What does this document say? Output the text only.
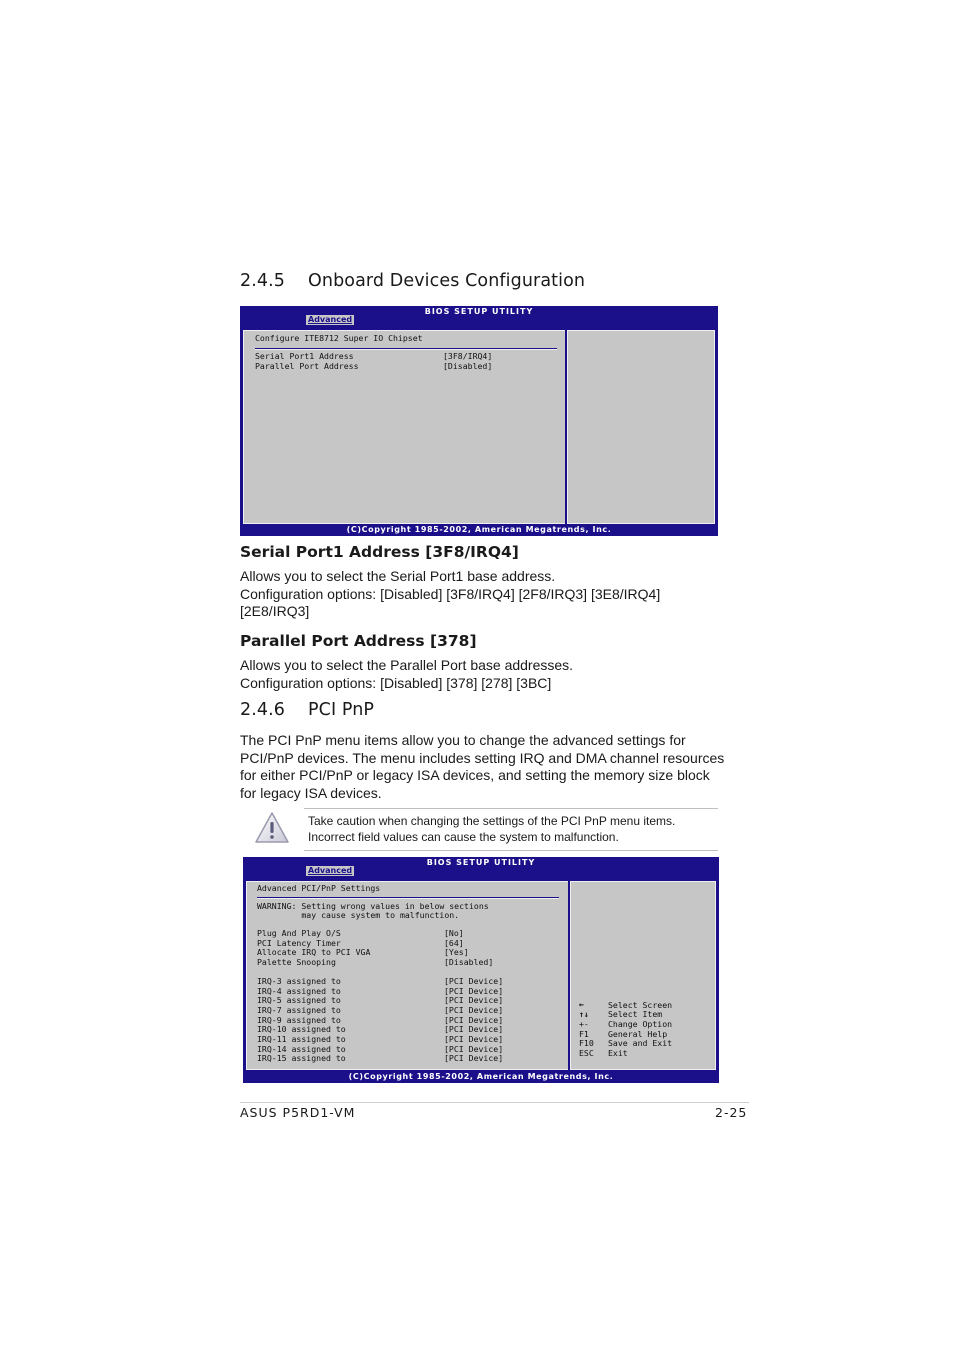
2.4.5 Onboard Devices Configuration
BIOS SETUP UTILITY
Advanced
Configure ITE8712 Super IO Chipset
Serial Port1 Address	[3F8/IRQ4]
Parallel Port Address	[Disabled]
(C)Copyright 1985-2002, American Megatrends, Inc.
Serial Port1 Address [3F8/IRQ4]
Allows you to select the Serial Port1 base address.
Configuration options: [Disabled] [3F8/IRQ4] [2F8/IRQ3] [3E8/IRQ4]
[2E8/IRQ3]
Parallel Port Address [378]
Allows you to select the Parallel Port base addresses.
Configuration options: [Disabled] [378] [278] [3BC]
2.4.6 PCI PnP
The PCI PnP menu items allow you to change the advanced settings for
PCI/PnP devices. The menu includes setting IRQ and DMA channel resources
for either PCI/PnP or legacy ISA devices, and setting the memory size block
for legacy ISA devices.
Take caution when changing the settings of the PCI PnP menu items.
Incorrect field values can cause the system to malfunction.
BIOS SETUP UTILITY
Advanced
Advanced PCI/PnP Settings
WARNING: Setting wrong values in below sections
may cause system to malfunction.
Plug And Play O/S	[No]
PCI Latency Timer	[64]
Allocate IRQ to PCI VGA	[Yes]
Palette Snooping	[Disabled]
IRQ-3 assigned to	[PCI Device]
IRQ-4 assigned to	[PCI Device]
IRQ-5 assigned to	[PCI Device]
IRQ-7 assigned to	[PCI Device]
IRQ-9 assigned to	[PCI Device]
IRQ-10 assigned to	[PCI Device]
IRQ-11 assigned to	[PCI Device]
IRQ-14 assigned to	[PCI Device]
IRQ-15 assigned to	[PCI Device]
←	Select Screen
↑↓ Select Item
+- Change Option
F1 General Help
F10 Save and Exit
ESC Exit
(C)Copyright 1985-2002, American Megatrends, Inc.
ASUS P5RD1-VM	2-25
